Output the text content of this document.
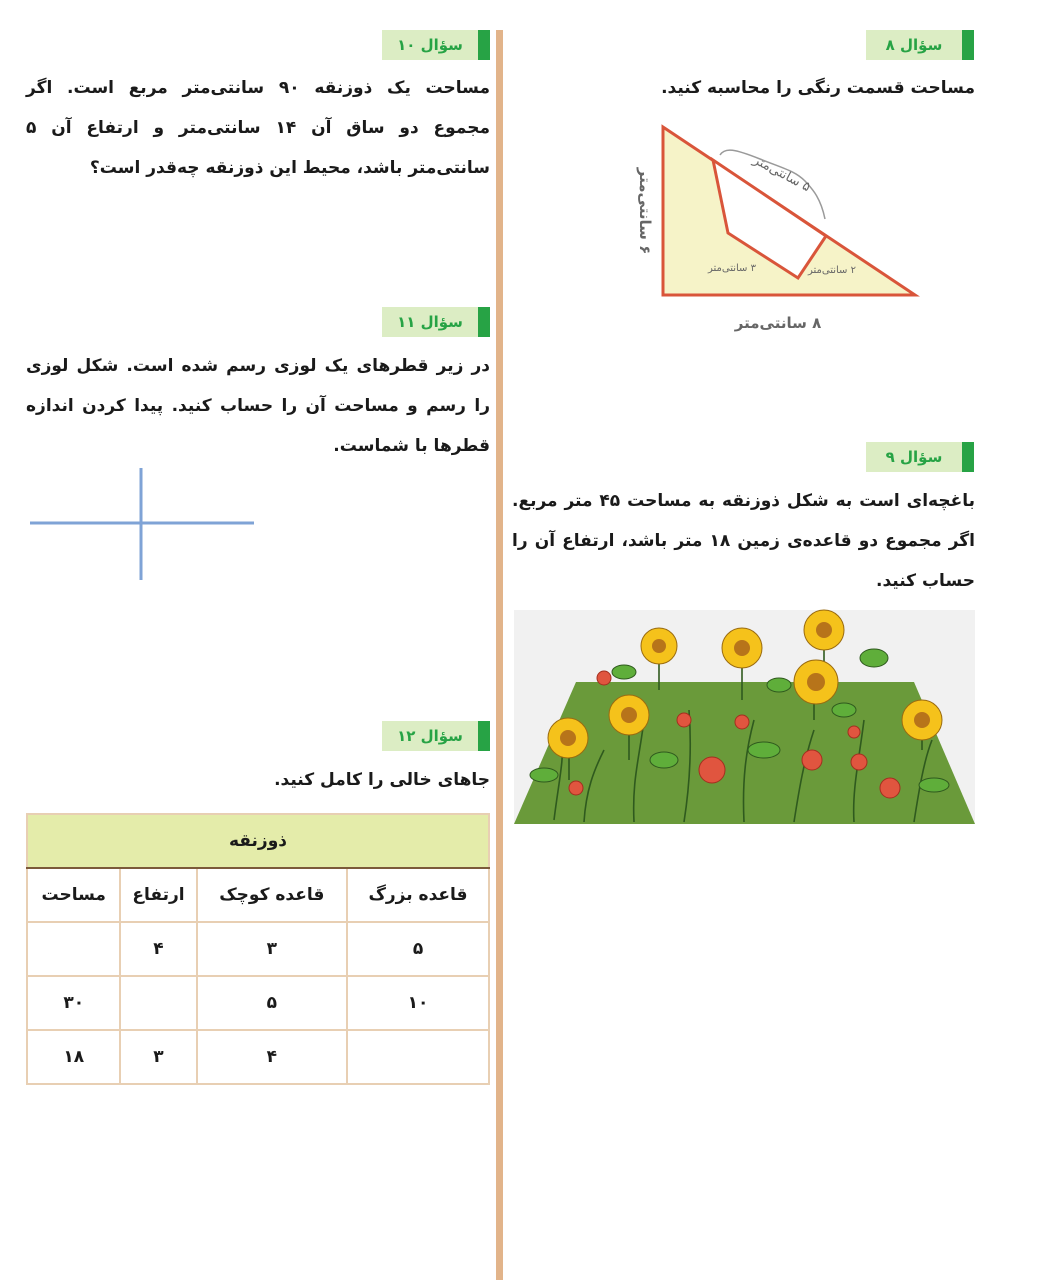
سؤال ۸
مساحت قسمت رنگی را محاسبه کنید.
۵ سانتی‌متر
۶ سانتی‌متر
۳ سانتی‌متر	۲ سانتی‌متر
۸ سانتی‌متر
سؤال ۹
باغچه‌ای است به شکل ذوزنقه به مساحت ۴۵ متر مربع. اگر مجموع دو قاعده‌ی زمین ۱۸ متر باشد، ارتفاع آن را حساب کنید.
سؤال ۱۰
مساحت یک ذوزنقه ۹۰ سانتی‌متر مربع است. اگر مجموع دو ساق آن ۱۴ سانتی‌متر و ارتفاع آن ۵ سانتی‌متر باشد، محیط این ذوزنقه چه‌قدر است؟
سؤال ۱۱
در زیر قطرهای یک لوزی رسم شده است. شکل لوزی را رسم و مساحت آن را حساب کنید. پیدا کردن اندازه قطرها با شماست.
سؤال ۱۲
جاهای خالی را کامل کنید.
ذوزنقه			
قاعده بزرگ	قاعده کوچک	ارتفاع	مساحت
۵	۳	۴	
۱۰	۵		۳۰
	۴	۳	۱۸
